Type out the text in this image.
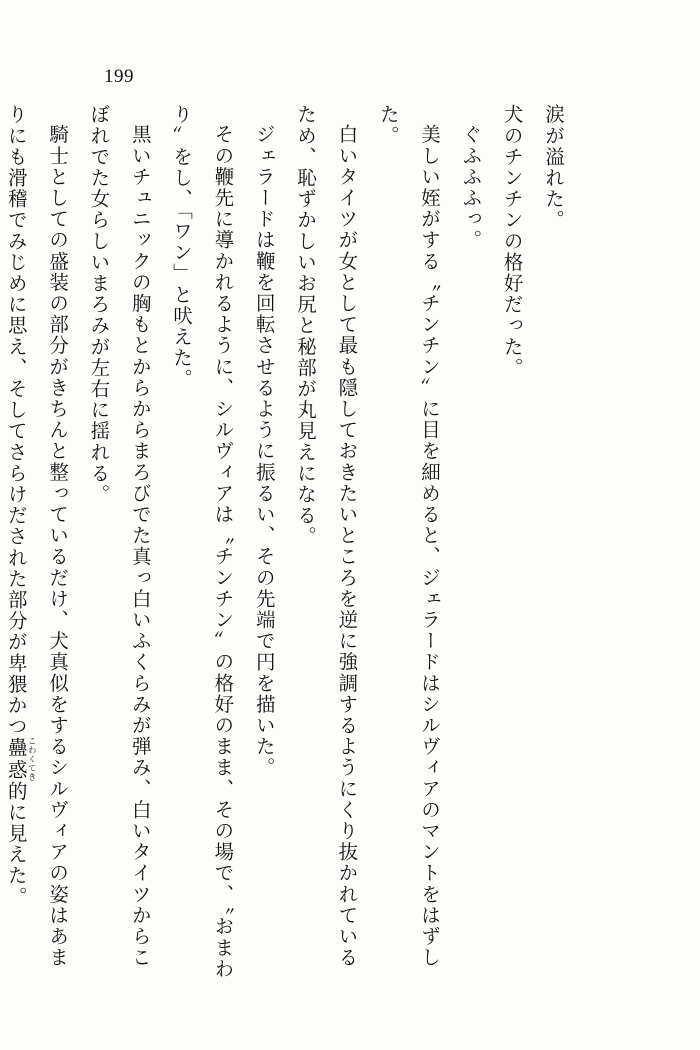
199

涙が溢れた。

犬のチンチンの格好だった。

ぐふふふっ。

美しい姪がする〝チンチン〟に目を細めると、ジェラードはシルヴィアのマントをはずした。

白いタイツが女として最も隠しておきたいところを逆に強調するようにくり抜かれているため、恥ずかしいお尻と秘部が丸見えになる。

ジェラードは鞭を回転させるように振るい、その先端で円を描いた。

その鞭先に導かれるように、シルヴィアは〝チンチン〟の格好のまま、その場で、〝おまわり〟をし、「ワン」と吠えた。

黒いチュニックの胸もとからからまろびでた真っ白いふくらみが弾み、白いタイツからこぼれでた女らしいまろみが左右に揺れる。

騎士としての盛装の部分がきちんと整っているだけ、犬真似をするシルヴィアの姿はあまりにも滑稽でみじめに思え、そしてさらけだされた部分が卑猥かつ蠱惑こわくてき的に見えた。
